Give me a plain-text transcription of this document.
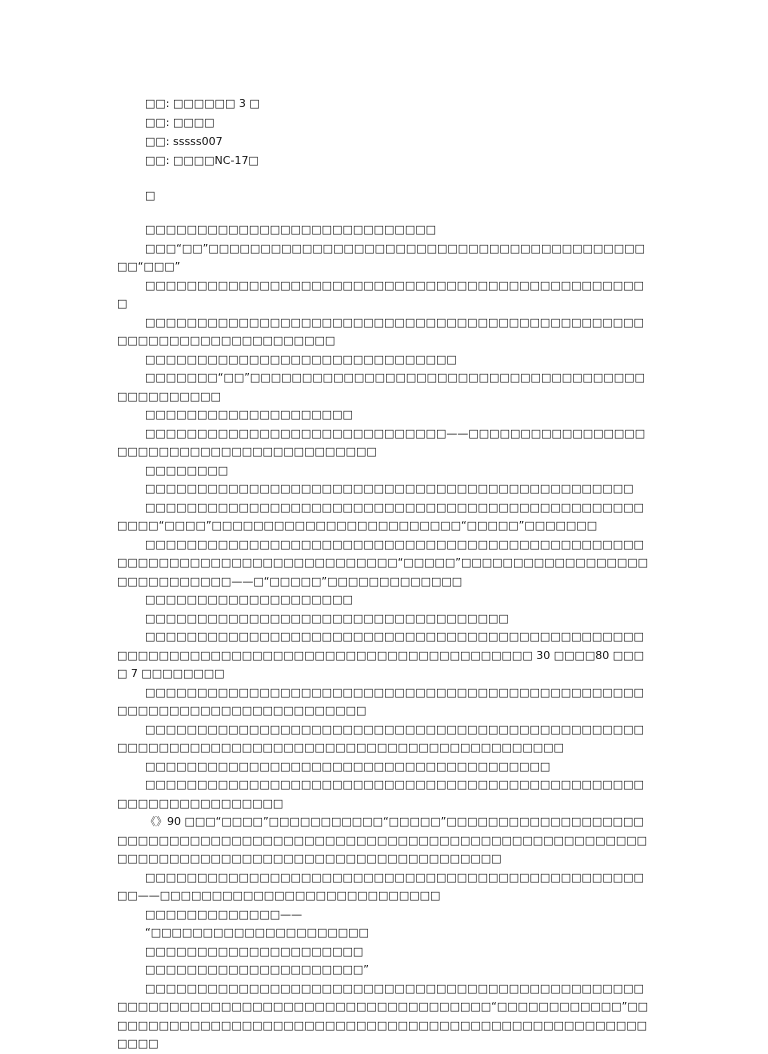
□□: □□□□□□ 3 □
□□: □□□□
□□: sssss007
□□: □□□□NC-17□
□

□□□□□□□□□□□□□□□□□□□□□□□□□□□□

□□□“□□”□□□□□□□□□□□□□□□□□□□□□□□□□□□□□□□□□□□□□□□□□□□□“□□□”

□□□□□□□□□□□□□□□□□□□□□□□□□□□□□□□□□□□□□□□□□□□□□□□□□

□□□□□□□□□□□□□□□□□□□□□□□□□□□□□□□□□□□□□□□□□□□□□□□□□□□□□□□□□□□□□□□□□□□□□

□□□□□□□□□□□□□□□□□□□□□□□□□□□□□□

□□□□□□□“□□”□□□□□□□□□□□□□□□□□□□□□□□□□□□□□□□□□□□□□□□□□□□□□□□□

□□□□□□□□□□□□□□□□□□□□

□□□□□□□□□□□□□□□□□□□□□□□□□□□□□——□□□□□□□□□□□□□□□□□□□□□□□□□□□□□□□□□□□□□□□□□□

□□□□□□□□

□□□□□□□□□□□□□□□□□□□□□□□□□□□□□□□□□□□□□□□□□□□□□□□

□□□□□□□□□□□□□□□□□□□□□□□□□□□□□□□□□□□□□□□□□□□□□□□□□□□□“□□□□”□□□□□□□□□□□□□□□□□□□□□□□□“□□□□□”□□□□□□□

□□□□□□□□□□□□□□□□□□□□□□□□□□□□□□□□□□□□□□□□□□□□□□□□□□□□□□□□□□□□□□□□□□□□□□□□□□□“□□□□□”□□□□□□□□□□□□□□□□□□□□□□□□□□□□□——□“□□□□□”□□□□□□□□□□□□□

□□□□□□□□□□□□□□□□□□□□

□□□□□□□□□□□□□□□□□□□□□□□□□□□□□□□□□□□

□□□□□□□□□□□□□□□□□□□□□□□□□□□□□□□□□□□□□□□□□□□□□□□□□□□□□□□□□□□□□□□□□□□□□□□□□□□□□□□□□□□□□□□□ 30 □□□□80 □□□□ 7 □□□□□□□□

□□□□□□□□□□□□□□□□□□□□□□□□□□□□□□□□□□□□□□□□□□□□□□□□□□□□□□□□□□□□□□□□□□□□□□□□

□□□□□□□□□□□□□□□□□□□□□□□□□□□□□□□□□□□□□□□□□□□□□□□□□□□□□□□□□□□□□□□□□□□□□□□□□□□□□□□□□□□□□□□□□□□

□□□□□□□□□□□□□□□□□□□□□□□□□□□□□□□□□□□□□□□

□□□□□□□□□□□□□□□□□□□□□□□□□□□□□□□□□□□□□□□□□□□□□□□□□□□□□□□□□□□□□□□□

《》90 □□□“□□□□”□□□□□□□□□□□“□□□□□”□□□□□□□□□□□□□□□□□□□□□□□□□□□□□□□□□□□□□□□□□□□□□□□□□□□□□□□□□□□□□□□□□□□□□□□□□□□□□□□□□□□□□□□□□□□□□□□□□□□□□□□□□□□

□□□□□□□□□□□□□□□□□□□□□□□□□□□□□□□□□□□□□□□□□□□□□□□□□□——□□□□□□□□□□□□□□□□□□□□□□□□□□□

□□□□□□□□□□□□□——

“□□□□□□□□□□□□□□□□□□□□□

□□□□□□□□□□□□□□□□□□□□□

□□□□□□□□□□□□□□□□□□□□□”

□□□□□□□□□□□□□□□□□□□□□□□□□□□□□□□□□□□□□□□□□□□□□□□□□□□□□□□□□□□□□□□□□□□□□□□□□□□□□□□□□□□□“□□□□□□□□□□□□”□□□□□□□□□□□□□□□□□□□□□□□□□□□□□□□□□□□□□□□□□□□□□□□□□□□□□□□□□
